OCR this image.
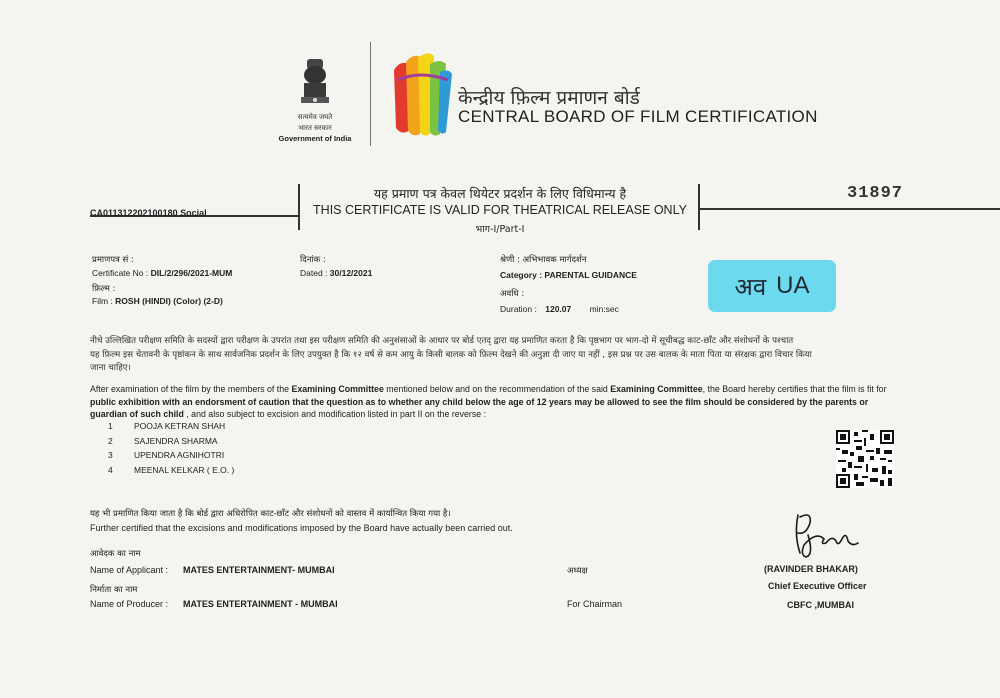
सत्यमेव जयते
भारत सरकार
Government of India
केन्द्रीय फ़िल्म प्रमाणन बोर्ड
CENTRAL BOARD OF FILM CERTIFICATION
यह प्रमाण पत्र केवल थियेटर प्रदर्शन के लिए विधिमान्य है
THIS CERTIFICATE IS VALID FOR THEATRICAL RELEASE ONLY
भाग-I/Part-I
CA011312202100180 Social
31897
प्रमाणपत्र सं :
Certificate No : DIL/2/296/2021-MUM
फ़िल्म :
Film : ROSH (HINDI) (Color) (2-D)
दिनांक :
Dated : 30/12/2021
श्रेणी : अभिभावक मार्गदर्शन
Category : PARENTAL GUIDANCE
अवधि :
Duration : 120.07 min:sec
अव UA
नीचे उल्लिखित परीक्षण समिति के सदस्यों द्वारा परीक्षण के उपरांत तथा इस परीक्षण समिति की अनुशंसाओं के आधार पर बोर्ड एतद् द्वारा यह प्रमाणित करता है कि पृष्ठभाग पर भाग-दो में सूचीबद्ध काट-छाँट और संशोधनों के पश्चात
यह फ़िल्म इस चेतावनी के पृष्ठांकन के साथ सार्वजनिक प्रदर्शन के लिए उपयुक्त है कि १२ वर्ष से कम आयु के किसी बालक को फ़िल्म देखने की अनुज्ञा दी जाए या नहीं , इस प्रश्न पर उस बालक के माता पिता या संरक्षक द्वारा विचार किया
जाना चाहिए।
After examination of the film by the members of the Examining Committee mentioned below and on the recommendation of the said Examining Committee, the Board hereby certifies that the film is fit for public exhibition with an endorsment of caution that the question as to whether any child below the age of 12 years may be allowed to see the film should be considered by the parents or guardian of such child , and also subject to excision and modification listed in part II on the reverse :
1	POOJA KETRAN SHAH
2	SAJENDRA SHARMA
3	UPENDRA AGNIHOTRI
4	MEENAL KELKAR ( E.O. )
यह भी प्रमाणित किया जाता है कि बोर्ड द्वारा अधिरोपित काट-छाँट और संशोधनों को वास्तव में कार्यान्वित किया गया है।
Further certified that the excisions and modifications imposed by the Board have actually been carried out.
आवेदक का नाम
Name of Applicant : MATES ENTERTAINMENT- MUMBAI
निर्माता का नाम
Name of Producer : MATES ENTERTAINMENT - MUMBAI
अध्यक्ष
For Chairman
(RAVINDER BHAKAR)
Chief Executive Officer
CBFC ,MUMBAI
